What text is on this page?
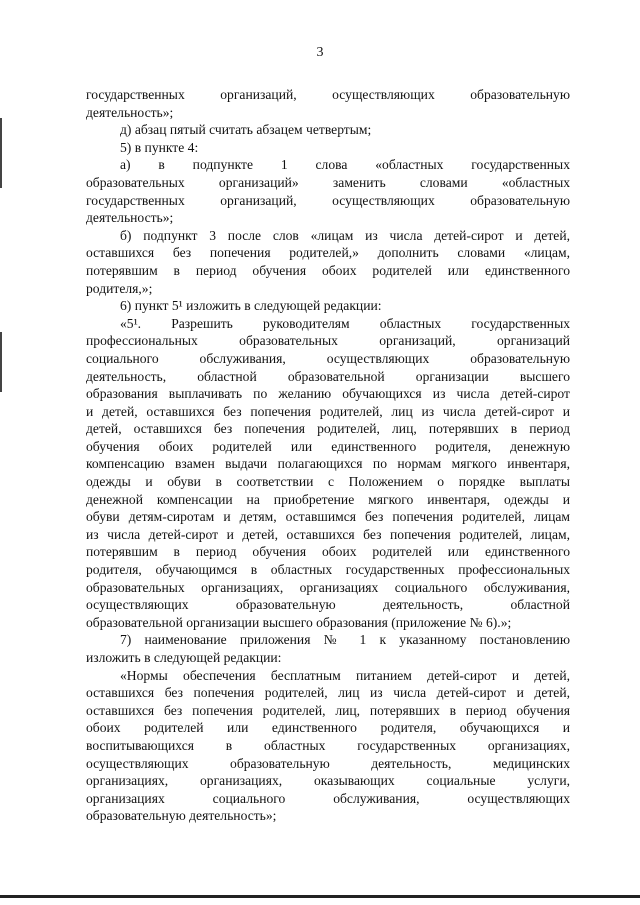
3
государственных организаций, осуществляющих образовательную
деятельность»;
д) абзац пятый считать абзацем четвертым;
5) в пункте 4:
а) в подпункте 1 слова «областных государственных
образовательных организаций» заменить словами «областных
государственных организаций, осуществляющих образовательную
деятельность»;
б) подпункт 3 после слов «лицам из числа детей-сирот и детей,
оставшихся без попечения родителей,» дополнить словами «лицам,
потерявшим в период обучения обоих родителей или единственного
родителя,»;
6) пункт 5¹ изложить в следующей редакции:
«5¹. Разрешить руководителям областных государственных
профессиональных образовательных организаций, организаций
социального обслуживания, осуществляющих образовательную
деятельность, областной образовательной организации высшего
образования выплачивать по желанию обучающихся из числа детей-сирот
и детей, оставшихся без попечения родителей, лиц из числа детей-сирот и
детей, оставшихся без попечения родителей, лиц, потерявших в период
обучения обоих родителей или единственного родителя, денежную
компенсацию взамен выдачи полагающихся по нормам мягкого инвентаря,
одежды и обуви в соответствии с Положением о порядке выплаты
денежной компенсации на приобретение мягкого инвентаря, одежды и
обуви детям-сиротам и детям, оставшимся без попечения родителей, лицам
из числа детей-сирот и детей, оставшихся без попечения родителей, лицам,
потерявшим в период обучения обоих родителей или единственного
родителя, обучающимся в областных государственных профессиональных
образовательных организациях, организациях социального обслуживания,
осуществляющих образовательную деятельность, областной
образовательной организации высшего образования (приложение № 6).»;
7) наименование приложения № 1 к указанному постановлению
изложить в следующей редакции:
«Нормы обеспечения бесплатным питанием детей-сирот и детей,
оставшихся без попечения родителей, лиц из числа детей-сирот и детей,
оставшихся без попечения родителей, лиц, потерявших в период обучения
обоих родителей или единственного родителя, обучающихся и
воспитывающихся в областных государственных организациях,
осуществляющих образовательную деятельность, медицинских
организациях, организациях, оказывающих социальные услуги,
организациях социального обслуживания, осуществляющих
образовательную деятельность»;
